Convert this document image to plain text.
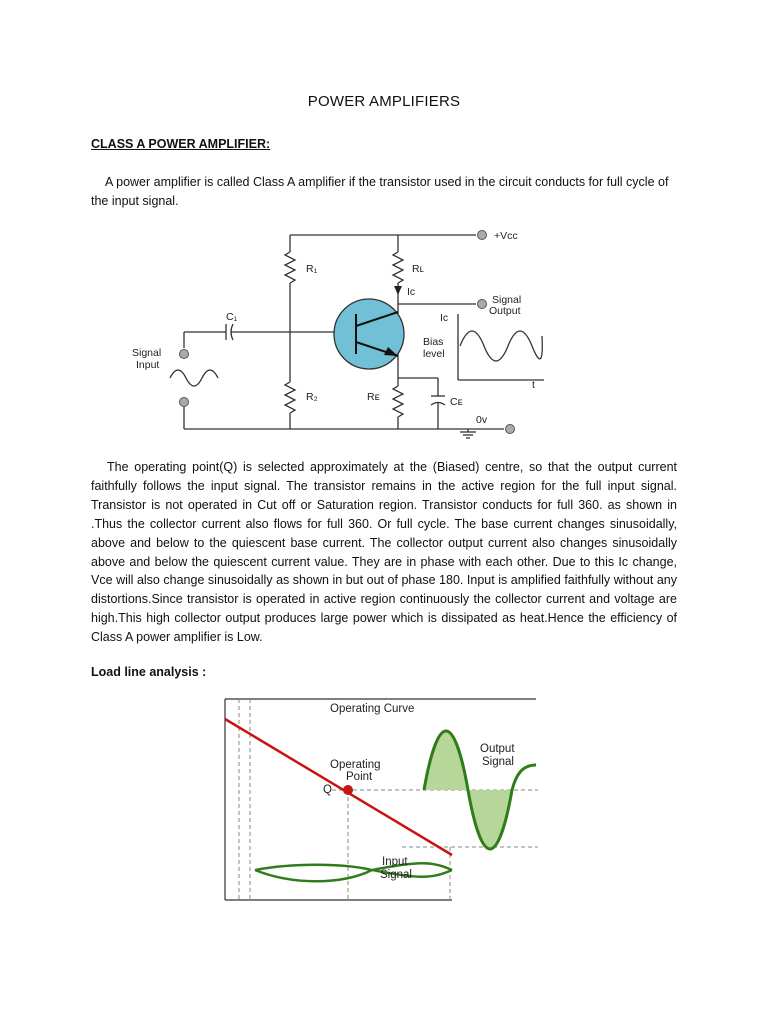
POWER AMPLIFIERS
CLASS A POWER AMPLIFIER:
A power amplifier is called Class A amplifier if the transistor used in the circuit conducts for full cycle of the input signal.
+Vcc
R₁	Rʟ
Iᴄ
C₁
Signal
Output
Ic
Bias
level
Signal
Input
t
R₂	Rᴇ	Cᴇ
0v
The operating point(Q) is selected approximately at the (Biased) centre, so that the output current faithfully follows the input signal. The transistor remains in the active region for the full input signal. Transistor is not operated in Cut off or Saturation region. Transistor conducts for full 360. as shown in .Thus the collector current also flows for full 360. Or full cycle. The base current changes sinusoidally, above and below to the quiescent base current. The collector output current also changes sinusoidally above and below the quiescent current value. They are in phase with each other. Due to this Ic change, Vce will also change sinusoidally as shown in but out of phase 180. Input is amplified faithfully without any distortions.Since transistor is operated in active region continuously the collector current and voltage are high.This high collector output produces large power which is dissipated as heat.Hence the efficiency of Class A power amplifier is Low.
Load line analysis :
Operating Curve
Operating
Point
Q
Output
Signal
Input
Signal
